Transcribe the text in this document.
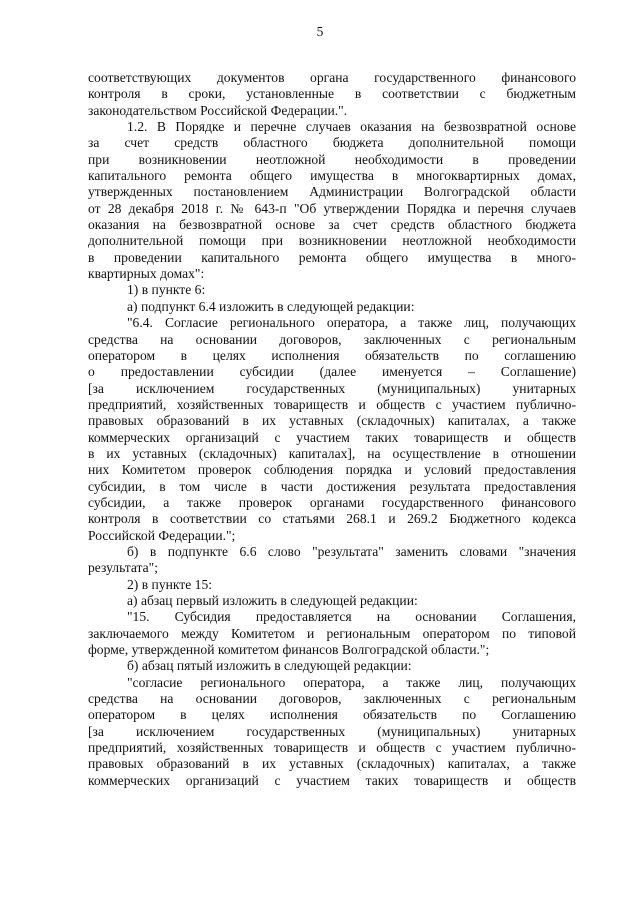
5
соответствующих документов органа государственного финансового
контроля в сроки, установленные в соответствии с бюджетным
законодательством Российской Федерации.".
1.2. В Порядке и перечне случаев оказания на безвозвратной основе
за счет средств областного бюджета дополнительной помощи
при возникновении неотложной необходимости в проведении
капитального ремонта общего имущества в многоквартирных домах,
утвержденных постановлением Администрации Волгоградской области
от 28 декабря 2018 г. № 643-п "Об утверждении Порядка и перечня случаев
оказания на безвозвратной основе за счет средств областного бюджета
дополнительной помощи при возникновении неотложной необходимости
в проведении капитального ремонта общего имущества в много-
квартирных домах":
1) в пункте 6:
а) подпункт 6.4 изложить в следующей редакции:
"6.4. Согласие регионального оператора, а также лиц, получающих
средства на основании договоров, заключенных с региональным
оператором в целях исполнения обязательств по соглашению
о предоставлении субсидии (далее именуется – Соглашение)
[за исключением государственных (муниципальных) унитарных
предприятий, хозяйственных товариществ и обществ с участием публично-
правовых образований в их уставных (складочных) капиталах, а также
коммерческих организаций с участием таких товариществ и обществ
в их уставных (складочных) капиталах], на осуществление в отношении
них Комитетом проверок соблюдения порядка и условий предоставления
субсидии, в том числе в части достижения результата предоставления
субсидии, а также проверок органами государственного финансового
контроля в соответствии со статьями 268.1 и 269.2 Бюджетного кодекса
Российской Федерации.";
б) в подпункте 6.6 слово "результата" заменить словами "значения
результата";
2) в пункте 15:
а) абзац первый изложить в следующей редакции:
"15. Субсидия предоставляется на основании Соглашения,
заключаемого между Комитетом и региональным оператором по типовой
форме, утвержденной комитетом финансов Волгоградской области.";
б) абзац пятый изложить в следующей редакции:
"согласие регионального оператора, а также лиц, получающих
средства на основании договоров, заключенных с региональным
оператором в целях исполнения обязательств по Соглашению
[за исключением государственных (муниципальных) унитарных
предприятий, хозяйственных товариществ и обществ с участием публично-
правовых образований в их уставных (складочных) капиталах, а также
коммерческих организаций с участием таких товариществ и обществ
